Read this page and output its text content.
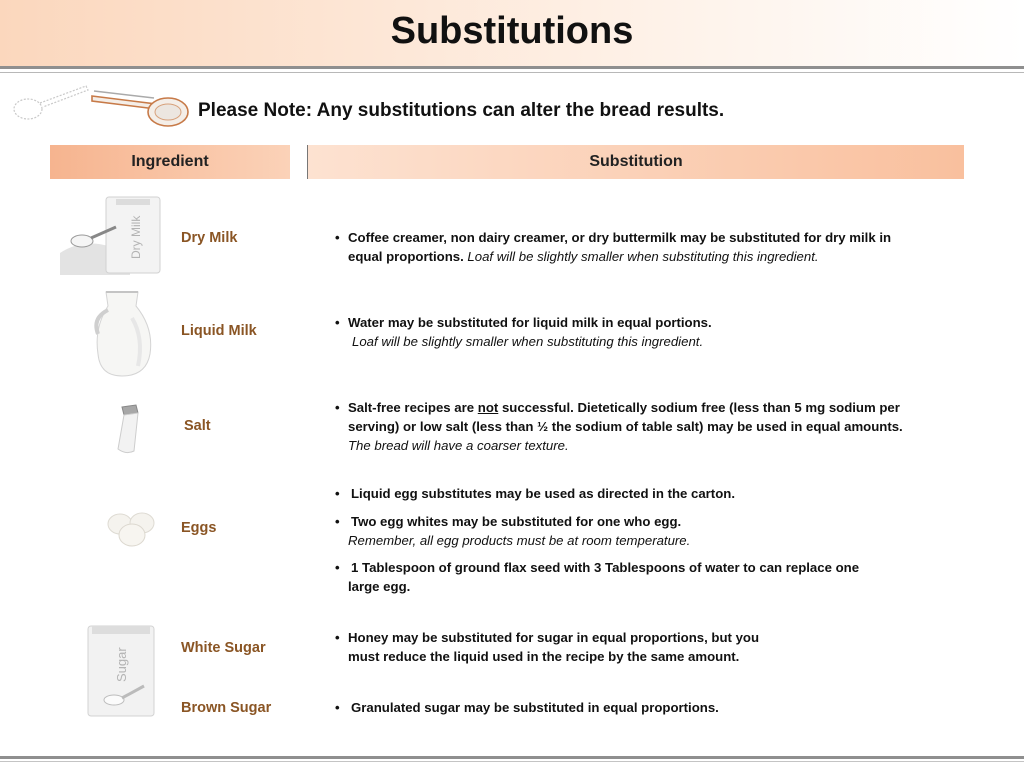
Substitutions
Please Note: Any substitutions can alter the bread results.
Ingredient	Substitution
Dry Milk
Sugar
Dry Milk
Liquid Milk
Salt
Eggs
White Sugar
Brown Sugar
• Coffee creamer, non dairy creamer, or dry buttermilk may be substituted for dry milk in
equal proportions. Loaf will be slightly smaller when substituting this ingredient.
• Water may be substituted for liquid milk in equal portions.
Loaf will be slightly smaller when substituting this ingredient.
• Salt-free recipes are not successful. Dietetically sodium free (less than 5 mg sodium per
serving) or low salt (less than ½ the sodium of table salt) may be used in equal amounts.
The bread will have a coarser texture.
• Liquid egg substitutes may be used as directed in the carton.
• Two egg whites may be substituted for one who egg.
Remember, all egg products must be at room temperature.
• 1 Tablespoon of ground flax seed with 3 Tablespoons of water to can replace one
large egg.
• Honey may be substituted for sugar in equal proportions, but you
must reduce the liquid used in the recipe by the same amount.
• Granulated sugar may be substituted in equal proportions.
